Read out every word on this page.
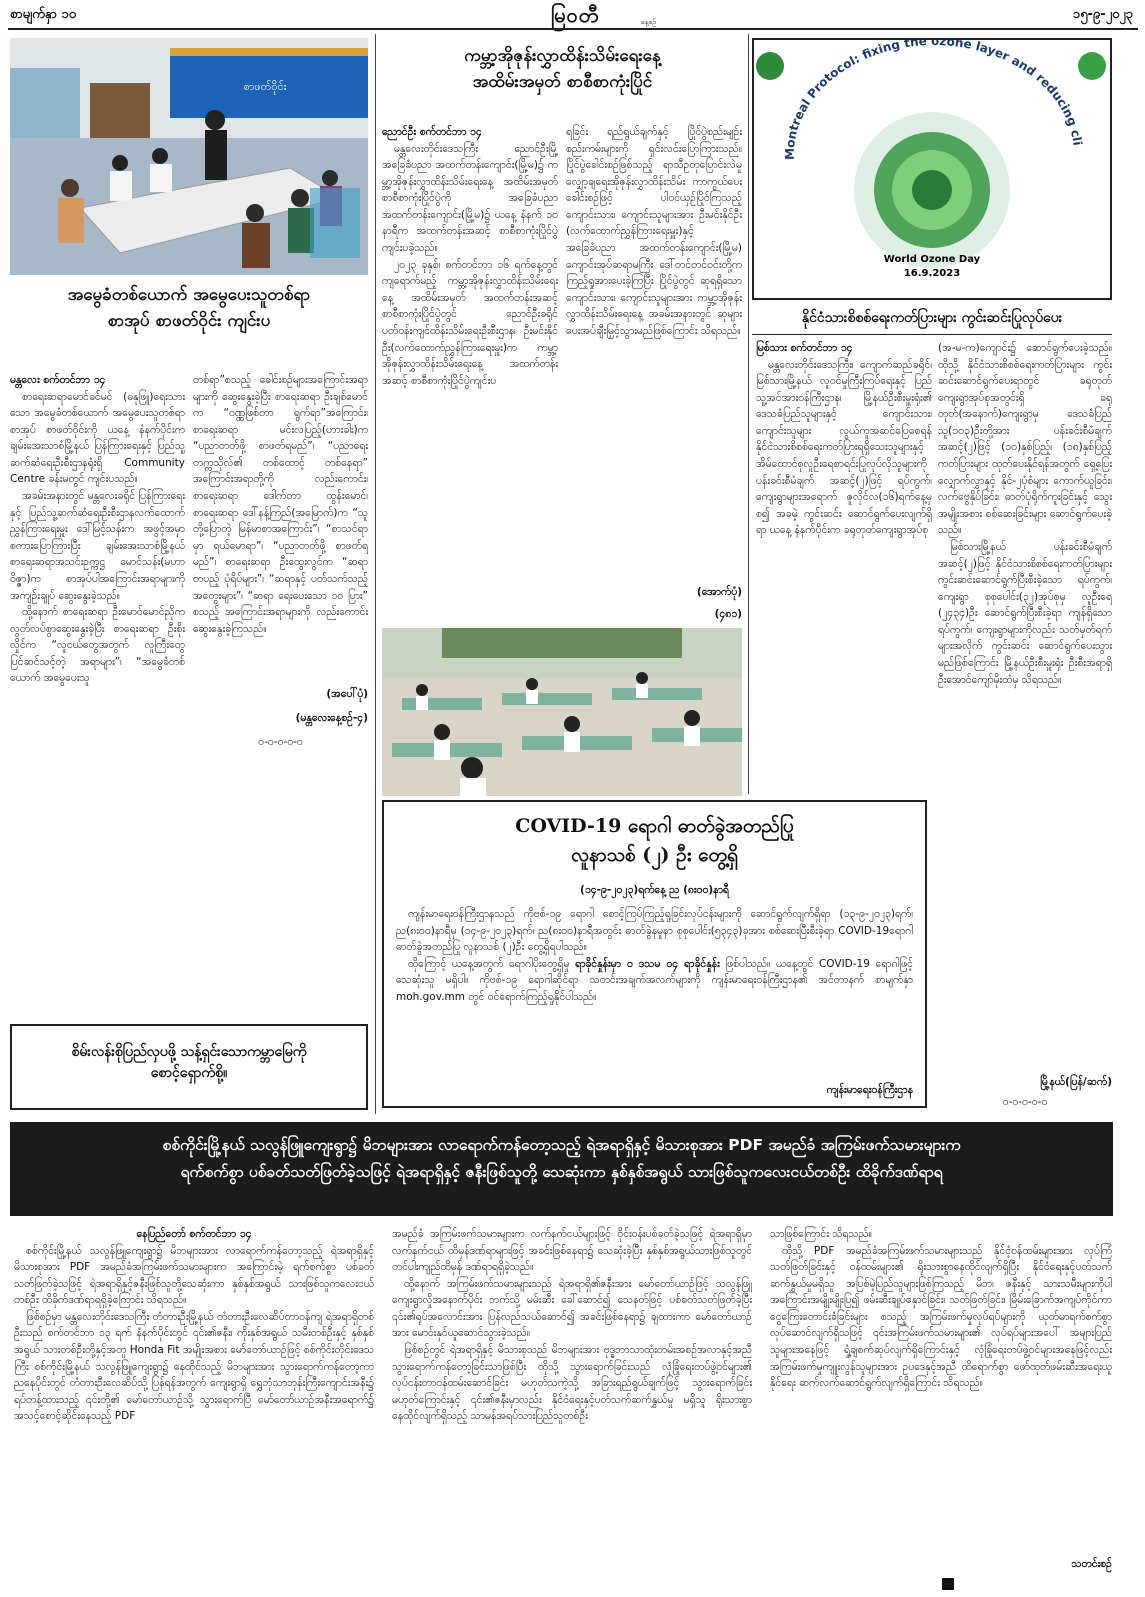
စာမျက်နှာ ၁၀	မြဝတီ	နေ့စဉ်	၁၅-၉-၂၀၂၃
စာဖတ်ဝိုင်း
အမွေခံတစ်ယောက် အမွေပေးသူတစ်ရာ
စာအုပ် စာဖတ်ဝိုင်း ကျင်းပ
မန္တလေး စက်တင်ဘာ ၁၄

စာရေးဆရာမောင်ခင်မင် (ဓနုဖြူ)ရေးသားသော အမွေခံတစ်ယောက် အမွေပေးသူတစ်ရာ စာအုပ် စာဖတ်ဝိုင်းကို ယနေ့ နံနက်ပိုင်းက ချမ်းအေးသာစံမြို့နယ် ပြန်ကြားရေးနှင့် ပြည်သူ့ဆက်ဆံရေးဦးစီးဌာနရုံးရှိ Community Centre ခန်းမတွင် ကျင်းပသည်။

အခမ်းအနားတွင် မန္တလေးခရိုင် ပြန်ကြားရေးနှင့် ပြည်သူ့ဆက်ဆံရေးဦးစီးဌာနလက်ထောက်ညွှန်ကြားရေးမှူး ဒေါ်မြင့်သန်းက အဖွင့်အမှာစကားပြောကြားပြီး ချမ်းအေးသာစံမြို့နယ် စာရေးဆရာအသင်းဥက္ကဋ္ဌ မောင်သန်း(မဟာဝိဇ္ဇာ)က စာအုပ်ပါအကြောင်းအရာများကို အကျဉ်းချုပ် ဆွေးနွေးခဲ့သည်။

ထို့နောက် စာရေးဆရာ ဦးမောင်မောင်ညိုက လွတ်လပ်စွာဆွေးနွေးခဲ့ပြီး စာရေးဆရာ ဦးစိုးလှိုင်က “လူငယ်တွေအတွက် လူကြီးတွေ ပြင်ဆင်သင့်တဲ့ အရာများ”၊ “အမွေခံတစ်ယောက် အမွေပေးသူ

တစ်ရာ”စသည့် ခေါင်းစဉ်များအကြောင်းအရာများကို ဆွေးနွေးခဲ့ပြီး စာရေးဆရာ ဦးချစ်မောင်က “ဝဏ္ဏဖြစ်တာ ရွက်ရာ”အကြောင်း၊ စာရေးဆရာ မင်းလပြည့်(ဟားခါး)က “ပညာတတ်ဖို့ စာဖတ်ရမည်”၊ “ပညာရေး တက္ကသိုလ်၏ တစ်ထောင့် တစ်နေရာ” အကြောင်းအရာတို့ကို လည်းကောင်း၊ စာရေးဆရာ ဒေါက်တာ ထွန်းမောင်၊ စာရေးဆရာ ဒေါ်နန့်ကြည်(အမြောက်)က “သူတို့ပြောတဲ့ မြန်မာစာအကြောင်း”၊ “စာသင်ရာမှာ ရယ်မောရာ”၊ “ပညာတတ်ဖို့ စာဖတ်ရမည်”၊ စာရေးဆရာ ဦးထွေးလွင်က “ဆရာ တပည့် ပုံရိပ်များ”၊ “ဆရာနှင့် ပတ်သက်သည့်အတွေးများ”၊ “ဆရာ ရေးပေးသော ၁၀ ပြား” စသည့် အကြောင်းအရာများကို လည်းကောင်း ဆွေးနွေးခဲ့ကြသည်။

(အပေါ်ပုံ)
(မန္တလေးနေ့စဉ်-၄)
၀-၀-၀-၀-၀
စိမ်းလန်းစိုပြည်လှပဖို့ သန့်ရှင်းသောကမ္ဘာမြေကို
စောင့်ရှောက်စို့။
ကမ္ဘာ့အိုဇုန်းလွှာထိန်းသိမ်းရေးနေ့
အထိမ်းအမှတ် စာစီစာကုံးပြိုင်
ညောင်ဦး စက်တင်ဘာ ၁၄

မန္တလေးတိုင်းဒေသကြီး ညောင်ဦးမြို့ အခြေခံပညာ အထက်တန်းကျောင်း(မြို့မ)၌ ကမ္ဘာ့အိုဇုန်းလွှာထိန်းသိမ်းရေးနေ့ အထိမ်းအမှတ် စာစီစာကုံးပြိုင်ပွဲကို အခြေခံပညာအထက်တန်းကျောင်း(မြို့မ)၌ ယနေ့ နံနက် ၁၀ နာရီက အထက်တန်းအဆင့် စာစီစာကုံးပြိုင်ပွဲ ကျင်းပခဲ့သည်။

၂၀၂၃ ခုနှစ်၊ စက်တင်ဘာ ၁၆ ရက်နေ့တွင်ကျရောက်မည့် ကမ္ဘာ့အိုဇုန်းလွှာထိန်းသိမ်းရေးနေ့ အထိမ်းအမှတ် အထက်တန်းအဆင့် စာစီစာကုံးပြိုင်ပွဲတွင် ညောင်ဦးခရိုင် ပတ်ဝန်းကျင်ထိန်းသိမ်းရေးဦးစီးဌာန၊ ဦးမင်းနိုင်ဦး(လက်ထောက်ညွှန်ကြားရေးမှူး)က ကမ္ဘာ့အိုဇုန်းလွှာထိန်းသိမ်းရေးနေ့ အထက်တန်းအဆင့် စာစီစာကုံးပြိုင်ပွဲကျင်းပ

ရခြင်း ရည်ရွယ်ချက်နှင့် ပြိုင်ပွဲစည်းမျဉ်းစည်းကမ်းများကို ရှင်းလင်းပြောကြားသည်။ ပြိုင်ပွဲခေါင်းစဉ်ဖြစ်သည့် ရာသီဥတုပြောင်းလဲမှု လျှော့ချရေးအိုဇုန်းလွှာထိန်းသိမ်း ကာကွယ်ပေး ခေါင်းစဉ်ဖြင့် ပါဝင်ယှဉ်ပြိုင်ကြသည့် ကျောင်းသား၊ ကျောင်းသူများအား ဦးမင်းနိုင်ဦး (လက်ထောက်ညွှန်ကြားရေးမှူး)နှင့် အခြေခံပညာ အထက်တန်းကျောင်း(မြို့မ) ကျောင်းအုပ်ဆရာမကြီး ဒေါ်တင်တင်ဝင်းတို့က ကြည့်ရှုအားပေးခဲ့ကြပြီး ပြိုင်ပွဲတွင် ဆုရရှိသော ကျောင်းသား၊ ကျောင်းသူများအား ကမ္ဘာ့အိုဇုန်းလွှာထိန်းသိမ်းရေးနေ့ အခမ်းအနားတွင် ဆုများပေးအပ်ချီးမြှင့်သွားမည်ဖြစ်ကြောင်း သိရသည်။

(အောက်ပုံ)
(၄၈၁)
Montreal Protocol: fixing the ozone layer and reducing cli
World Ozone Day
16.9.2023
နိုင်ငံသားစိစစ်ရေးကတ်ပြားများ ကွင်းဆင်းပြုလုပ်ပေး
မြစ်သား စက်တင်ဘာ ၁၄

မန္တလေးတိုင်းဒေသကြီး၊ ကျောက်ဆည်ခရိုင်၊ မြစ်သားမြို့နယ် လူဝင်မှုကြီးကြပ်ရေးနှင့် ပြည်သူ့အင်အားဝန်ကြီးဌာန၊ မြို့နယ်ဦးစီးမှူးရုံး၏ ဒေသခံပြည်သူများနှင့် ကျောင်းသား၊ ကျောင်းသူများ လွယ်ကူအဆင်ပြေစေရန် နိုင်ငံသားစိစစ်ရေးကတ်ပြားရရှိသေးသူများနှင့် အိမ်ထောင်စုလူဦးရေစာရင်းပြုလုပ်လိုသူများကို ပန်းခင်းစီမံချက် အဆင့်(၂)ဖြင့် ရပ်ကွက်၊ ကျေးရွာများအရောက် ဇူလိုင်လ(၁၆)ရက်နေ့မှစ၍ အခမဲ့ ကွင်းဆင်း ဆောင်ရွက်ပေးလျက်ရှိရာ ယနေ့ နံနက်ပိုင်းက ခရုတုတ်ကျေးရွာအုပ်စု

(အ-မ-က)ကျောင်း၌ ဆောင်ရွက်ပေးခဲ့သည်။ ထိုသို့ နိုင်ငံသားစိစစ်ရေးကတ်ပြားများ ကွင်းဆင်းဆောင်ရွက်ပေးရာတွင် ခရုတုတ်ကျေးရွာအုပ်စုအတွင်းရှိ ခရုတုတ်(အနောက်)ကျေးရွာမှ ဒေသခံပြည်သူ(၁၀၃)ဦးတို့အား ပန်းခင်းစီမံချက် အဆင့်(၂)ဖြင့် (၁၀)နှစ်ပြည့်၊ (၁၈)နှစ်ပြည့်ကတ်ပြားများ ထုတ်ပေးနိုင်ရန်အတွက် ရှေ့ပြေးလျှောက်လွှာနှင့် နိုင်-၂ပုံစံများ ကောက်ယူခြင်း၊ လက်ဗွေနှိပ်ခြင်း၊ ဓာတ်ပုံရိုက်ကူးခြင်းနှင့် သွေးအမျိုးအစား စစ်ဆေးခြင်းများ ဆောင်ရွက်ပေးခဲ့သည်။

မြစ်သားမြို့နယ် ပန်းခင်းစီမံချက်အဆင့်(၂)ဖြင့် နိုင်ငံသားစိစစ်ရေးကတ်ပြားများကွင်းဆင်းဆောင်ရွက်ပြီးစီးခဲ့သော ရပ်ကွက်၊ ကျေးရွာ စုစုပေါင်း(၃၂)အုပ်စုမှ လူဦးရေ (၂၄၃၄)ဦး ဆောင်ရွက်ပြီးစီးခဲ့ရာ ကျန်ရှိသော ရပ်ကွက်၊ ကျေးရွာများကိုလည်း သတ်မှတ်ရက်များအလိုက် ကွင်းဆင်း ဆောင်ရွက်ပေးသွားမည်ဖြစ်ကြောင်း မြို့နယ်ဦးစီးမှူးရုံး ဦးစီးအရာရှိ ဦးအောင်ကျော်မိုးထံမှ သိရသည်။

မြို့နယ်(ပြန်/ဆက်)
၀-၀-၀-၀-၀
COVID-19 ရောဂါ ဓာတ်ခွဲအတည်ပြု
လူနာသစ် (၂) ဦး တွေ့ရှိ
(၁၄-၉-၂၀၂၃)ရက်နေ့ ည (၈း၀၀)နာရီ

ကျန်းမာရေးဝန်ကြီးဌာနသည် ကိုဗစ်-၁၉ ရောဂါ စောင့်ကြပ်ကြည့်ရှုခြင်းလုပ်ငန်းများကို ဆောင်ရွက်လျက်ရှိရာ (၁၃-၉-၂၀၂၃)ရက်၊ ည(၈း၀၀)နာရီမှ (၁၄-၉-၂၀၂၃)ရက်၊ ည(၈း၀၀)နာရီအတွင်း ဓာတ်ခွဲနမူနာ စုစုပေါင်း(၅၃၄၃)ခုအား စစ်ဆေးပြီးစီးခဲ့ရာ COVID-19ရောဂါ ဓာတ်ခွဲအတည်ပြု လူနာသစ် (၂)ဦး တွေ့ရှိရပါသည်။

ထိုကြောင့် ယနေ့အတွက် ရောဂါပိုးတွေ့ရှိမှု ရာခိုင်နှုန်းမှာ ၀ ဒသမ ၀၄ ရာခိုင်နှုန်း ဖြစ်ပါသည်။ ယနေ့တွင် COVID-19 ရောဂါဖြင့် သေဆုံးသူ မရှိပါ။ ကိုဗစ်-၁၉ ရောဂါဆိုင်ရာ သတင်းအချက်အလက်များကို ကျန်းမာရေးဝန်ကြီးဌာန၏ အင်တာနက် စာမျက်နှာ moh.gov.mm တွင် ဝင်ရောက်ကြည့်ရှုနိုင်ပါသည်။

ကျန်းမာရေးဝန်ကြီးဌာန
စစ်ကိုင်းမြို့နယ် သလွန်ဖြူကျေးရွာ၌ မိဘများအား လာရောက်ကန်တော့သည့် ရဲအရာရှိနှင့် မိသားစုအား PDF အမည်ခံ အကြမ်းဖက်သမားများက
ရက်စက်စွာ ပစ်ခတ်သတ်ဖြတ်ခဲ့သဖြင့် ရဲအရာရှိနှင့် ဇနီးဖြစ်သူတို့ သေဆုံးကာ နှစ်နှစ်အရွယ် သားဖြစ်သူကလေးငယ်တစ်ဦး ထိခိုက်ဒဏ်ရာရ
နေပြည်တော် စက်တင်ဘာ ၁၄

စစ်ကိုင်းမြို့နယ် သလွန်ဖြူကျေးရွာ၌ မိဘများအား လာရောက်ကန်တော့သည့် ရဲအရာရှိနှင့် မိသားစုအား PDF အမည်ခံအကြမ်းဖက်သမားများက အကြောင်းမဲ့ ရက်စက်စွာ ပစ်ခတ်သတ်ဖြတ်ခဲ့သဖြင့် ရဲအရာရှိနှင့်ဇနီးဖြစ်သူတို့သေဆုံးကာ နှစ်နှစ်အရွယ် သားဖြစ်သူကလေးငယ်တစ်ဦး ထိခိုက်ဒဏ်ရာရရှိခဲ့ကြောင်း သိရသည်။

ဖြစ်စဉ်မှာ မန္တလေးတိုင်းဒေသကြီး တံတားဦးမြို့နယ် တံတားဦးလေဆိပ်တာဝန်ကျ ရဲအရာရှိတစ်ဦးသည် စက်တင်ဘာ ၁၃ ရက် နံနက်ပိုင်းတွင် ၎င်း၏ဇနီး၊ ကိုးနှစ်အရွယ် သမီးတစ်ဦးနှင့် နှစ်နှစ်အရွယ် သားတစ်ဦးတို့နှင့်အတူ Honda Fit အမျိုးအစား မော်တော်ယာဉ်ဖြင့် စစ်ကိုင်းတိုင်းဒေသကြီး စစ်ကိုင်းမြို့နယ် သလွန်ဖြူကျေးရွာ၌ နေထိုင်သည့် မိဘများအား သွားရောက်ကန်တော့ကာ ညနေပိုင်းတွင် တံတားဦးလေဆိပ်သို့ ပြန်ရန်အတွက် ကျေးရွာရှိ ရွှေဘုံသာဘုန်းကြီးကျောင်းအနီး၌ ရပ်တန့်ထားသည့် ၎င်းတို့၏ မော်တော်ယာဉ်သို့ သွားရောက်ပြီ မော်တော်ယာဉ်အနီးအရောက်၌ အသင့်စောင့်ဆိုင်းနေသည့် PDF

အမည်ခံ အကြမ်းဖက်သမားများက လက်နက်ငယ်များဖြင့် ဝိုင်းဝန်းပစ်ခတ်ခဲ့သဖြင့် ရဲအရာရှိမှာ လက်နက်ငယ် ထိမှန်ဒဏ်ရာများဖြင့် အခင်းဖြစ်နေရာ၌ သေဆုံးခဲ့ပြီး နှစ်နှစ်အရွယ်သားဖြစ်သူတွင် တင်ပါးကျည်ထိမှန် ဒဏ်ရာရရှိခဲ့သည်။

ထို့နောက် အကြမ်းဖက်သမားများသည် ရဲအရာရှိ၏ဇနီးအား မော်တော်ယာဉ်ဖြင့် သလွန်ဖြူကျေးရွာလှိုအနောက်ပိုင်း ဘက်သို့ မမ်းဆီး ခေါ်ဆောင်၍ သေနတ်ဖြင့် ပစ်ခတ်သတ်ဖြတ်ခဲ့ပြီး ၎င်း၏ရုပ်အလောင်းအား ပြန်လည်သယ်ဆောင်၍ အခင်းဖြစ်နေရာ၌ ချထားကာ မော်တော်ယာဉ်အား မောင်းနှင်ယူဆောင်သွားခဲ့သည်။

ဖြစ်စဉ်တွင် ရဲအရာရှိနှင့် မိသားစုသည် မိဘများအား ဗုဒ္ဓဘာသာထုံးတမ်းအစဉ်အလာနှင့်အညီ သွားရောက်ကန်တော့ခြင်းသာဖြစ်ပြီး ထိုသို့ သွားရောက်ခြင်းသည် လုံခြုံရေးတပ်ဖွဲ့ဝင်များ၏ လုပ်ငန်းတာဝန်ထမ်းဆောင်ခြင်း မဟုတ်သကဲ့သို့ အခြားရည်ရွယ်ချက်ဖြင့် သွားရောက်ခြင်း မဟုတ်ကြောင်းနှင့် ၎င်း၏ဇနီးမှာလည်း နိုင်ငံရေးနှင့်ပတ်သက်ဆက်နွှယ်မှု မရှိသူ ရိုးသားစွာ နေထိုင်လျက်ရှိသည့် သာမန်အရပ်သားပြည်သူတစ်ဦး

သာဖြစ်ကြောင်း သိရသည်။

ထိုသို့ PDF အမည်ခံအကြမ်းဖက်သမားများသည် နိုင်ငံ့ဝန်ထမ်းများအား လုပ်ကြံသတ်ဖြတ်ခြင်းနှင့် ဝန်ထမ်းများ၏ ရိုးသားစွာနေထိုင်လျက်ရှိပြီး နိုင်ငံရေးနှင့်ပတ်သက်ဆက်နွှယ်မှုမရှိသူ အပြစ်မဲ့ပြည်သူများဖြစ်ကြသည့် မိဘ၊ ဇနီးနှင့် သားသမီးများကိုပါ အကြောင်းအမျိုးမျိုးပြ၍ ဖမ်းဆီးချုပ်နှောင်ခြင်း၊ သတ်ဖြတ်ခြင်း၊ မြိမ်းခြောက်အကျပ်ကိုင်ကာ ငွေကြေးတောင်းခံခြင်းများ စသည့် အကြမ်းဖက်မှုလုပ်ရပ်များကို ယုတ်မာရက်စက်စွာ လုပ်ဆောင်လျက်ရှိသဖြင့် ၎င်းအကြမ်းဖက်သမားများ၏ လုပ်ရပ်များအပေါ် အများပြည်သူများအနေဖြင့် ရှုံ့ချစက်ဆုပ်လျက်ရှိကြောင်းနှင့် လုံခြုံရေးတပ်ဖွဲ့ဝင်များအနေဖြင့်လည်း အကြမ်းဖက်မှုကျူးလွန်သူများအား ဥပဒေနှင့်အညီ ထိရောက်စွာ ဖော်ထုတ်ဖမ်းဆီးအရေးယူနိုင်ရေး ဆက်လက်ဆောင်ရွက်လျက်ရှိကြောင်း သိရသည်။

သတင်းစဉ်
